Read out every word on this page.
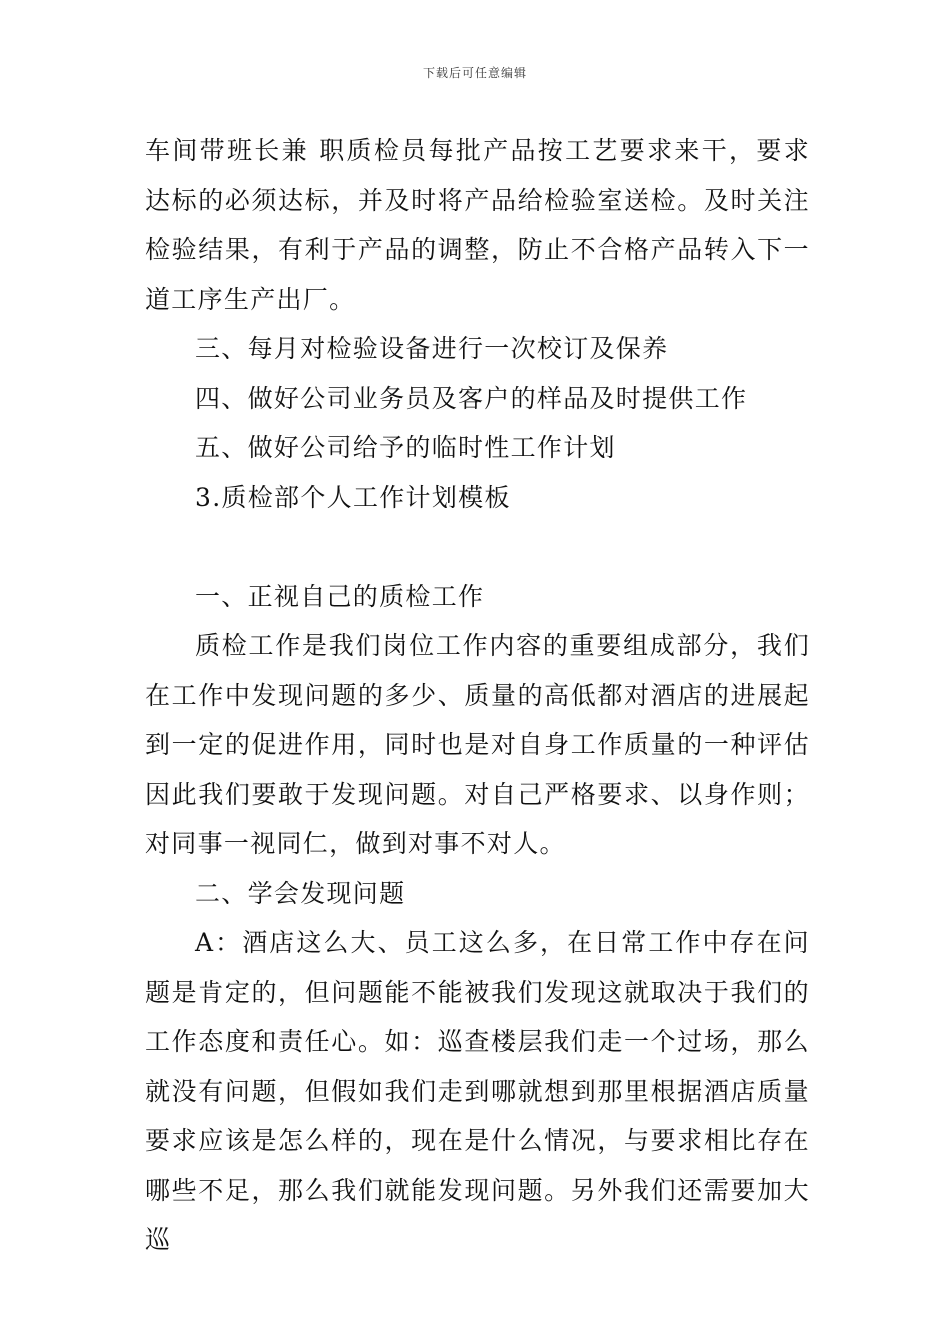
下载后可任意编辑

车间带班长兼 职质检员每批产品按工艺要求来干，要求达标的必须达标，并及时将产品给检验室送检。及时关注检验结果，有利于产品的调整，防止不合格产品转入下一道工序生产出厂。

三、每月对检验设备进行一次校订及保养

四、做好公司业务员及客户的样品及时提供工作

五、做好公司给予的临时性工作计划

3.质检部个人工作计划模板

一、正视自己的质检工作

质检工作是我们岗位工作内容的重要组成部分，我们在工作中发现问题的多少、质量的高低都对酒店的进展起到一定的促进作用，同时也是对自身工作质量的一种评估因此我们要敢于发现问题。对自己严格要求、以身作则；对同事一视同仁，做到对事不对人。

二、学会发现问题

A：酒店这么大、员工这么多，在日常工作中存在问题是肯定的，但问题能不能被我们发现这就取决于我们的工作态度和责任心。如：巡查楼层我们走一个过场，那么就没有问题，但假如我们走到哪就想到那里根据酒店质量要求应该是怎么样的，现在是什么情况，与要求相比存在哪些不足，那么我们就能发现问题。另外我们还需要加大巡
